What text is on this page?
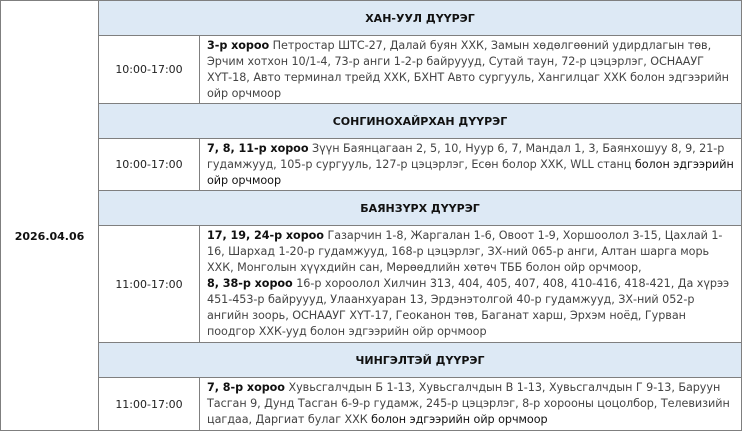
2026.04.06	ХАН-УУЛ ДҮҮРЭГ	
	10:00-17:00	3-р хороо Петростар ШТС-27, Далай буян ХХК, Замын хөдөлгөөний удирдлагын төв, Эрчим хотхон 10/1-4, 73-р анги 1-2-р байруууд, Сутай таун, 72-р цэцэрлэг, ОСНААУГ ХҮТ-18, Авто терминал трейд ХХК, БХНТ Авто сургууль, Хангилцаг ХХК болон эдгээрийн ойр орчмоор
	СОНГИНОХАЙРХАН ДҮҮРЭГ	
	10:00-17:00	7, 8, 11-р хороо Зүүн Баянцагаан 2, 5, 10, Нуур 6, 7, Мандал 1, 3, Баянхошуу 8, 9, 21-р гудамжууд, 105-р сургууль, 127-р цэцэрлэг, Есөн болор ХХК, WLL станц болон эдгээрийн ойр орчмоор
	БАЯНЗҮРХ ДҮҮРЭГ	
	11:00-17:00	17, 19, 24-р хороо Газарчин 1-8, Жаргалан 1-6, Овоот 1-9, Хоршоолол 3-15, Цахлай 1-16, Шархад 1-20-р гудамжууд, 168-р цэцэрлэг, ЗХ-ний 065-р анги, Алтан шарга морь ХХК, Монголын хүүхдийн сан, Мөрөөдлийн хөтөч ТББ болон ойр орчмоор,
8, 38-р хороо 16-р хороолол Хилчин 313, 404, 405, 407, 408, 410-416, 418-421, Да хүрээ 451-453-р байруууд, Улаанхуаран 13, Эрдэнэтолгой 40-р гудамжууд, ЗХ-ний 052-р ангийн зоорь, ОСНААУГ ХҮТ-17, Геоканон төв, Баганат харш, Эрхэм ноёд, Гурван поодгор ХХК-ууд болон эдгээрийн ойр орчмоор
	ЧИНГЭЛТЭЙ ДҮҮРЭГ	
	11:00-17:00	7, 8-р хороо Хувьсгалчдын Б 1-13, Хувьсгалчдын В 1-13, Хувьсгалчдын Г 9-13, Баруун Тасган 9, Дунд Тасган 6-9-р гудамж, 245-р цэцэрлэг, 8-р хорооны цоцолбор, Телевизийн цагдаа, Даргиат булаг ХХК болон эдгээрийн ойр орчмоор
